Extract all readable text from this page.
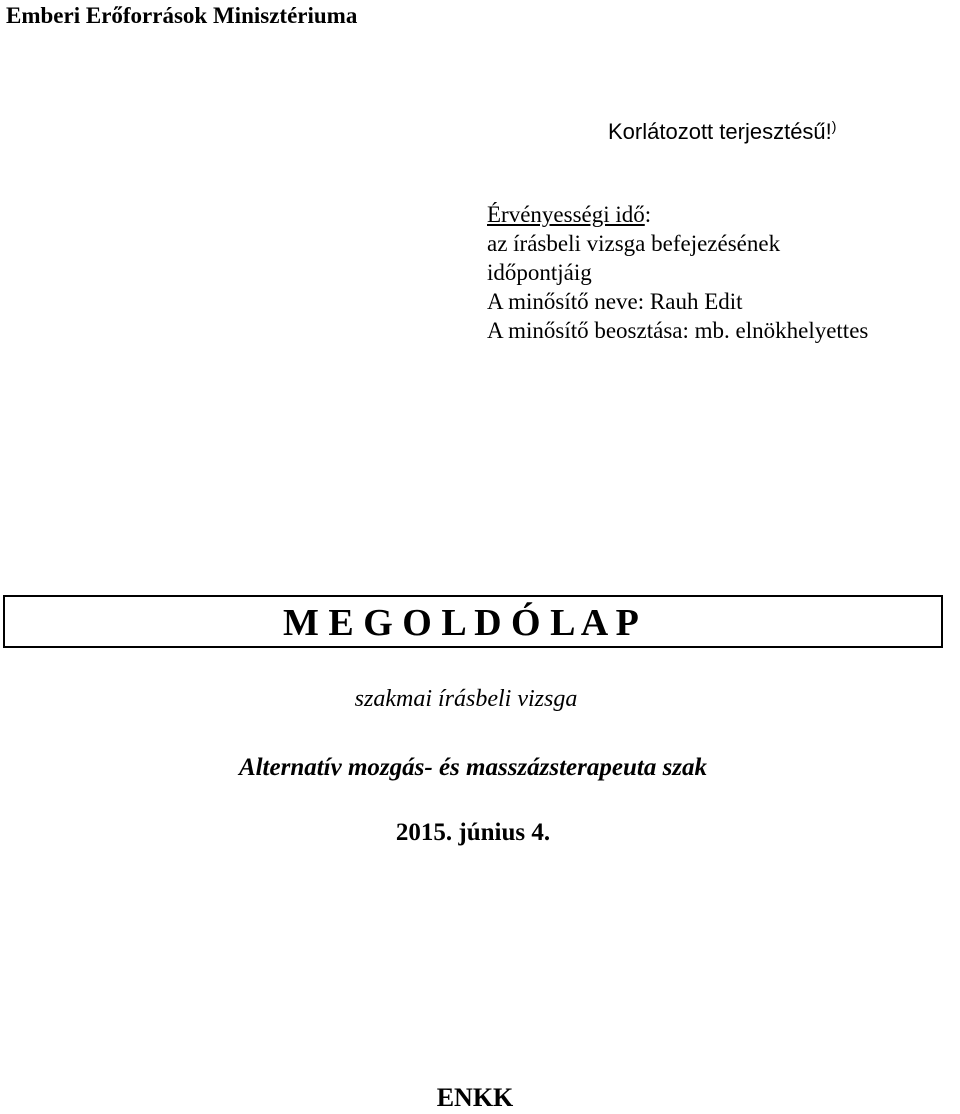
Emberi Erőforrások Minisztériuma
Korlátozott terjesztésű!)
Érvényességi idő:
az írásbeli vizsga befejezésének
időpontjáig
A minősítő neve: Rauh Edit
A minősítő beosztása: mb. elnökhelyettes
M E G O L D Ó L A P
szakmai írásbeli vizsga
Alternatív mozgás- és masszázsterapeuta szak
2015. június 4.
ENKK
